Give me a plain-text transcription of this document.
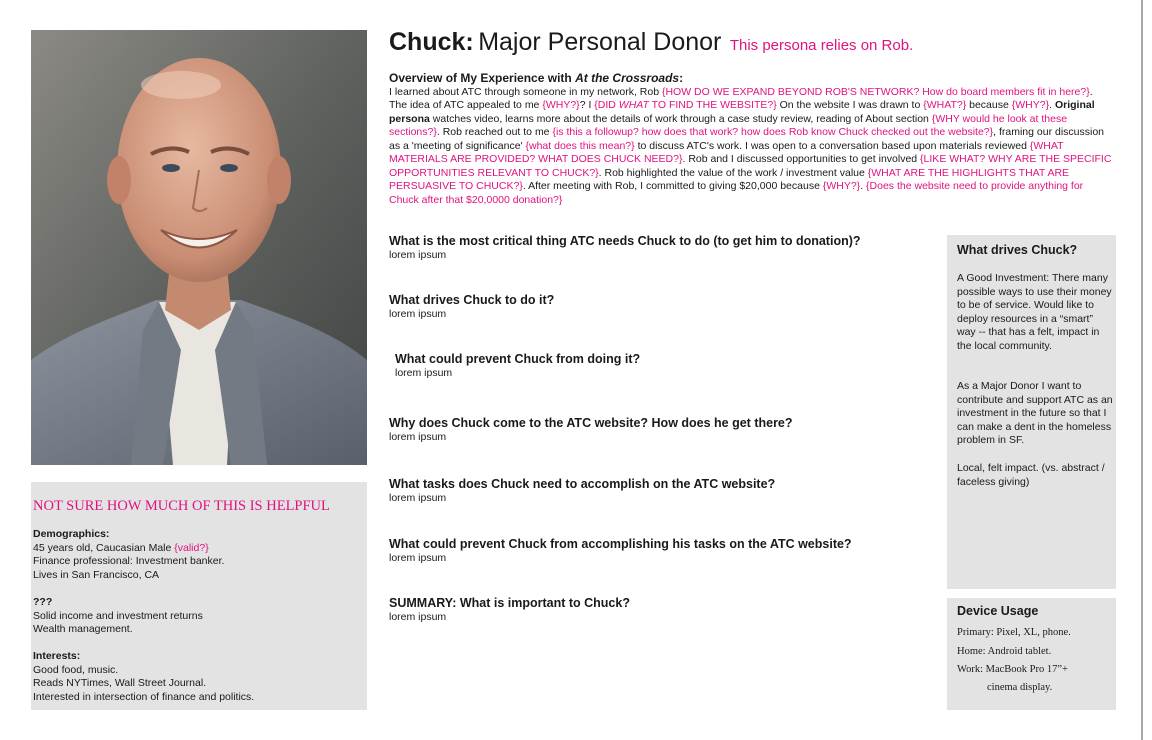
NOT SURE HOW MUCH OF THIS IS HELPFUL
Demographics:
45 years old, Caucasian Male {valid?}
Finance professional: Investment banker.
Lives in San Francisco, CA
???
Solid income and investment returns
Wealth management.
Interests:
Good food, music.
Reads NYTimes, Wall Street Journal.
Interested in intersection of finance and politics.
Chuck: Major Personal Donor This persona relies on Rob.
Overview of My Experience with At the Crossroads:
I learned about ATC through someone in my network, Rob {HOW DO WE EXPAND BEYOND ROB'S NETWORK? How do board members fit in here?}. The idea of ATC appealed to me {WHY?}? I {DID WHAT TO FIND THE WEBSITE?} On the website I was drawn to {WHAT?} because {WHY?}. Original persona watches video, learns more about the details of work through a case study review, reading of About section {WHY would he look at these sections?}. Rob reached out to me {is this a followup? how does that work? how does Rob know Chuck checked out the website?}, framing our discussion as a 'meeting of significance' {what does this mean?} to discuss ATC's work. I was open to a conversation based upon materials reviewed {WHAT MATERIALS ARE PROVIDED? WHAT DOES CHUCK NEED?}. Rob and I discussed opportunities to get involved {LIKE WHAT? WHY ARE THE SPECIFIC OPPORTUNITIES RELEVANT TO CHUCK?}. Rob highlighted the value of the work / investment value {WHAT ARE THE HIGHLIGHTS THAT ARE PERSUASIVE TO CHUCK?}. After meeting with Rob, I committed to giving $20,000 because {WHY?}. {Does the website need to provide anything for Chuck after that $20,0000 donation?}
What is the most critical thing ATC needs Chuck to do (to get him to donation)?
lorem ipsum
What drives Chuck to do it?
lorem ipsum
What could prevent Chuck from doing it?
lorem ipsum
Why does Chuck come to the ATC website? How does he get there?
lorem ipsum
What tasks does Chuck need to accomplish on the ATC website?
lorem ipsum
What could prevent Chuck from accomplishing his tasks on the ATC website?
lorem ipsum
SUMMARY: What is important to Chuck?
lorem ipsum
What drives Chuck?
A Good Investment: There many possible ways to use their money to be of service. Would like to deploy resources in a “smart” way -- that has a felt, impact in the local community.
As a Major Donor I want to contribute and support ATC as an investment in the future so that I can make a dent in the homeless problem in SF.
Local, felt impact. (vs. abstract / faceless giving)
Device Usage
Primary: Pixel, XL, phone.
Home: Android tablet.
Work: MacBook Pro 17”+
cinema display.
